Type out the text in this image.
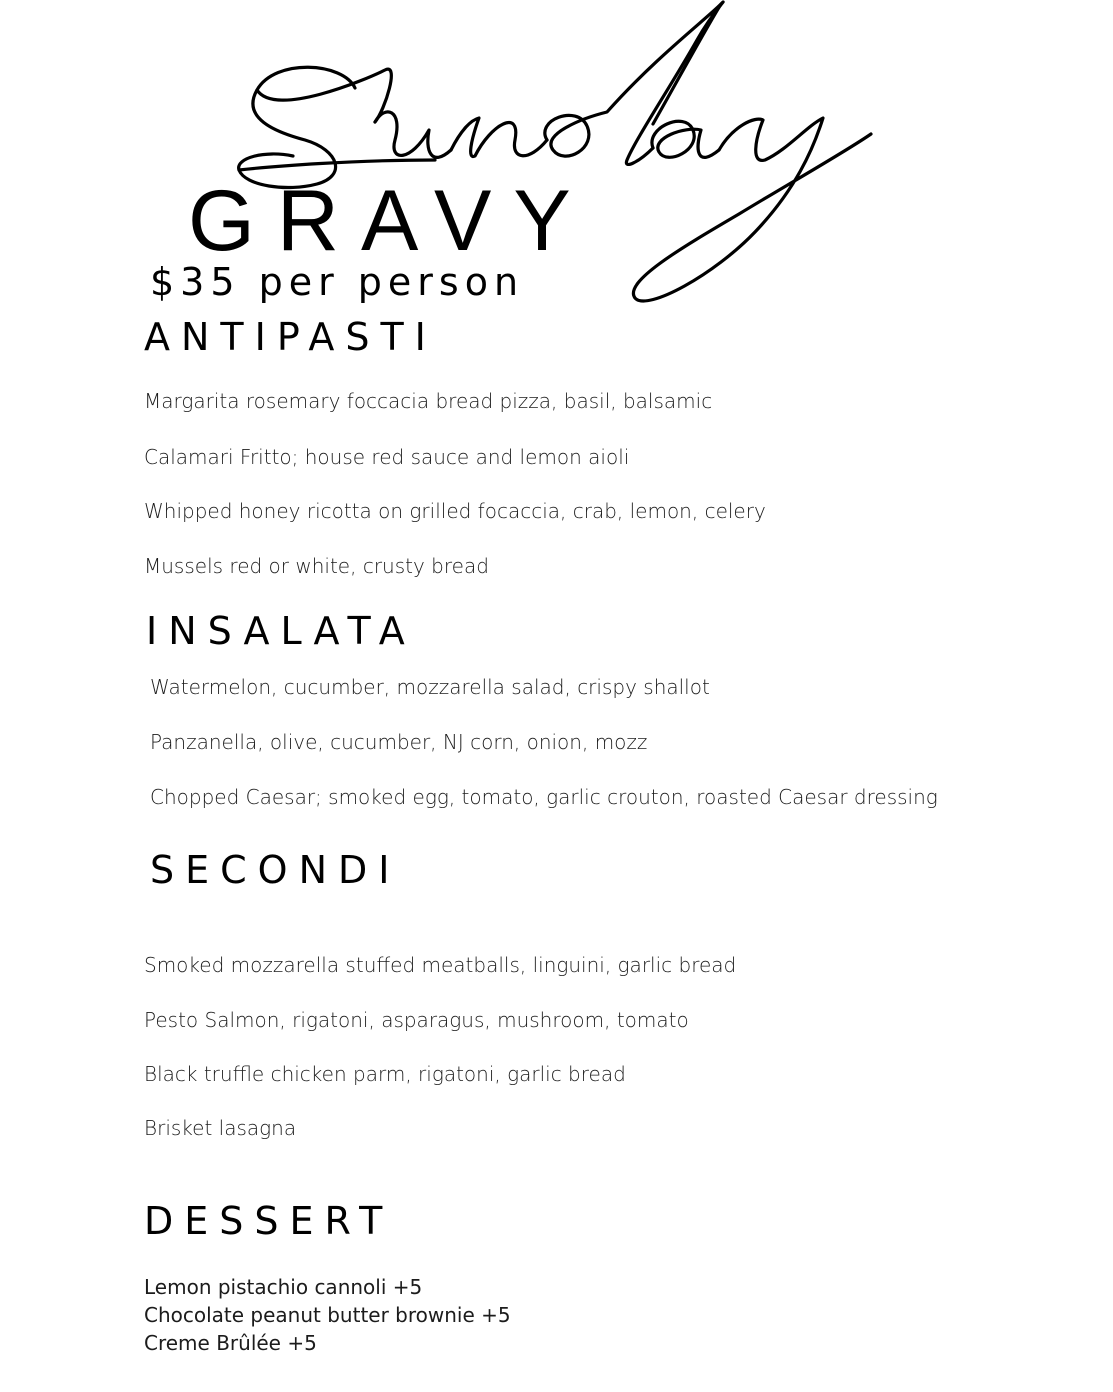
GRAVY
$35 per person
ANTIPASTI

Margarita rosemary foccacia bread pizza, basil, balsamic

Calamari Fritto; house red sauce and lemon aioli

Whipped honey ricotta on grilled focaccia, crab, lemon, celery

Mussels red or white, crusty bread

INSALATA

Watermelon, cucumber, mozzarella salad, crispy shallot

Panzanella, olive, cucumber, NJ corn, onion, mozz

Chopped Caesar; smoked egg, tomato, garlic crouton, roasted Caesar dressing

SECONDI

Smoked mozzarella stuffed meatballs, linguini, garlic bread

Pesto Salmon, rigatoni, asparagus, mushroom, tomato

Black truffle chicken parm, rigatoni, garlic bread

Brisket lasagna

DESSERT
Lemon pistachio cannoli +5
Chocolate peanut butter brownie +5
Creme Brûlée +5
